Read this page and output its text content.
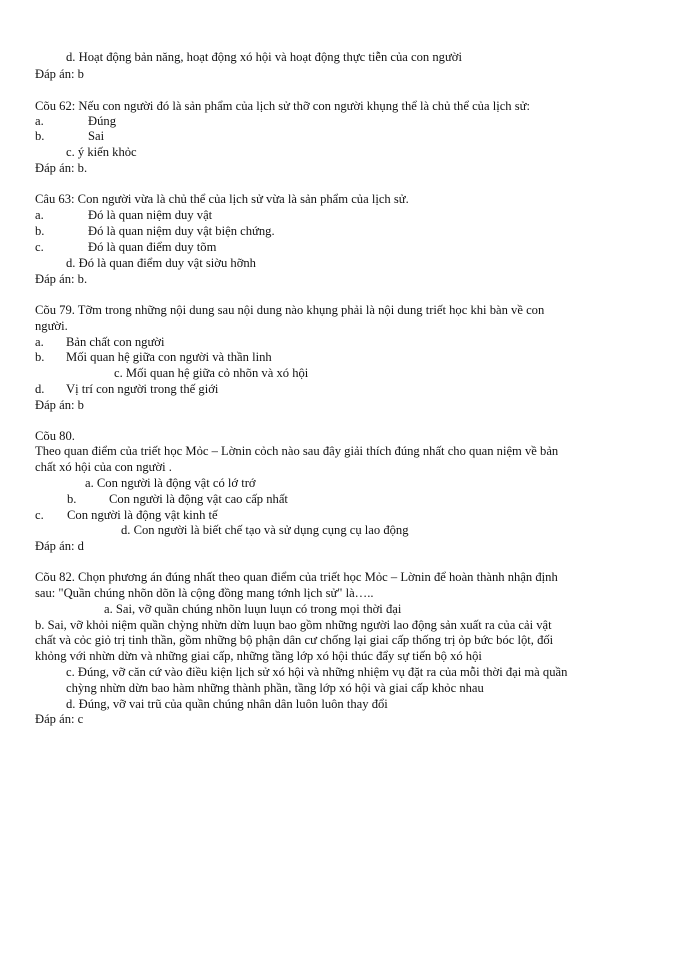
d. Hoạt động bản năng, hoạt động xó hội và hoạt động thực tiễn của con người
Đáp án: b
Cõu 62: Nếu con người đó là sản phẩm của lịch sử thỡ con người khụng thể là chủ thể của lịch sử:
a.	Đúng
b.	Sai
c. ý kiến khỏc
Đáp án: b.
Câu 63: Con người vừa là chủ thể của lịch sử vừa là sản phẩm của lịch sử.
a.	Đó là quan niệm duy vật
b.	Đó là quan niệm duy vật biện chứng.
c.	Đó là quan điểm duy tõm
d. Đó là quan điểm duy vật siờu hỡnh
Đáp án: b.
Cõu 79. Tỡm trong những nội dung sau nội dung nào khụng phải là nội dung triết học khi bàn về con
người.
a. Bản chất con người
b. Mối quan hệ giữa con người và thần linh
c. Mối quan hệ giữa cỏ nhõn và xó hội
d. Vị trí con người trong thế giới
Đáp án: b
Cõu 80.
Theo quan điểm của triết học Mỏc – Lờnin cỏch nào sau đây giải thích đúng nhất cho quan niệm về bản
chất xó hội của con người .
a. Con người là động vật có lớ trớ
b.	Con người là động vật cao cấp nhất
c. Con người là động vật kinh tế
d. Con người là biết chế tạo và sử dụng cụng cụ lao động
Đáp án: d
Cõu 82. Chọn phương án đúng nhất theo quan điểm của triết học Mỏc – Lờnin để hoàn thành nhận định
sau: "Quần chúng nhõn dõn là cộng đồng mang tớnh lịch sử" là…..
a. Sai, vỡ quần chúng nhõn luụn luụn có trong mọi thời đại
b. Sai, vỡ khỏi niệm quần chỳng nhừn dừn luụn bao gồm những người lao động sản xuất ra của cải vật
chất và cỏc giỏ trị tinh thần, gồm những bộ phận dân cư chống lại giai cấp thống trị ỏp bức bóc lột, đối
khỏng với nhừn dừn và những giai cấp, những tầng lớp xó hội thúc đẩy sự tiến bộ xó hội
c. Đúng, vỡ căn cứ vào điều kiện lịch sử xó hội và những nhiệm vụ đặt ra của mỗi thời đại mà quần
chỳng nhừn dừn bao hàm những thành phần, tầng lớp xó hội và giai cấp khỏc nhau
d. Đúng, vỡ vai trũ của quần chúng nhân dân luôn luôn thay đổi
Đáp án: c
